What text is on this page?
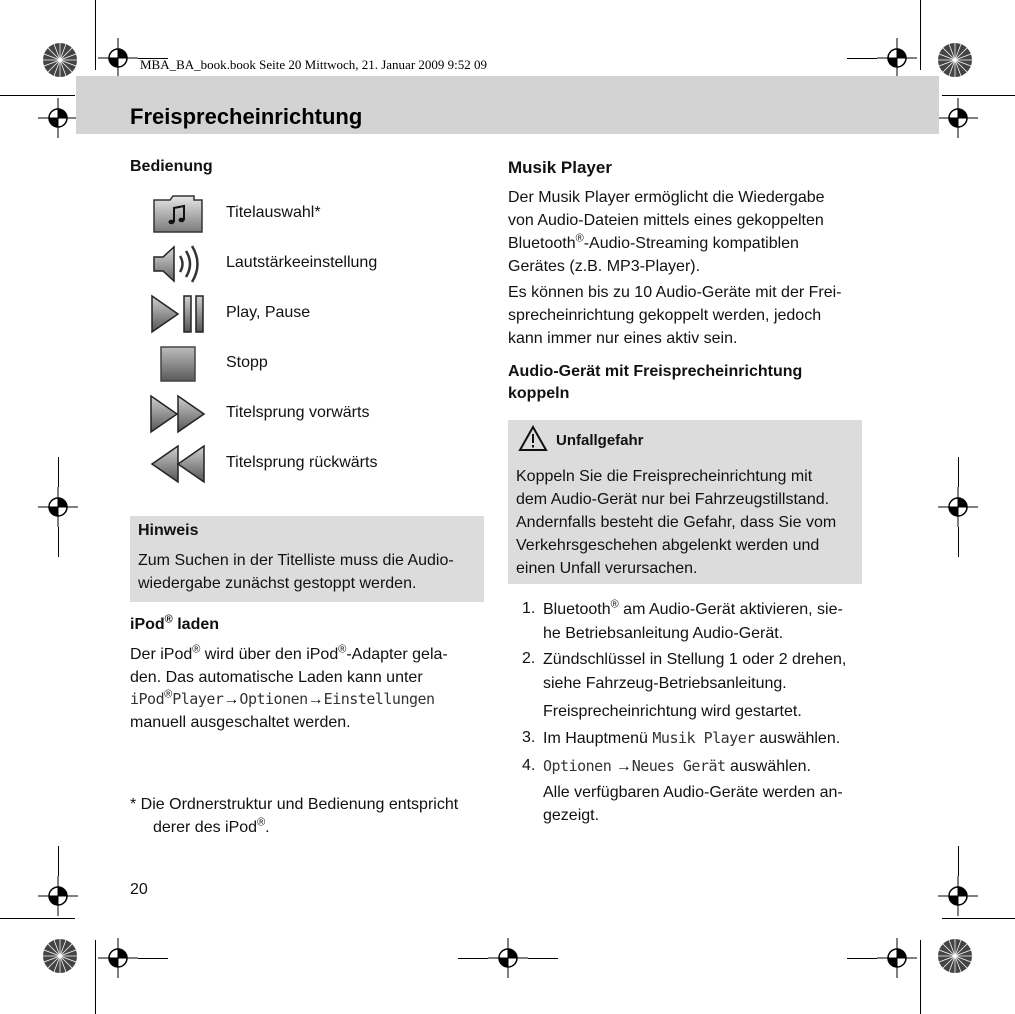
MBA_BA_book.book Seite 20 Mittwoch, 21. Januar 2009 9:52 09
Freisprecheinrichtung
Bedienung
Titelauswahl*
Lautstärkeeinstellung
Play, Pause
Stopp
Titelsprung vorwärts
Titelsprung rückwärts
Hinweis
Zum Suchen in der Titelliste muss die Audio-
wiedergabe zunächst gestoppt werden.
iPod® laden
Der iPod® wird über den iPod®-Adapter gela-
den. Das automatische Laden kann unter
iPod®Player→Optionen→Einstellungen
manuell ausgeschaltet werden.
* Die Ordnerstruktur und Bedienung entspricht
derer des iPod®.
20
Musik Player
Der Musik Player ermöglicht die Wiedergabe
von Audio-Dateien mittels eines gekoppelten
Bluetooth®-Audio-Streaming kompatiblen
Gerätes (z.B. MP3-Player).
Es können bis zu 10 Audio-Geräte mit der Frei-
sprecheinrichtung gekoppelt werden, jedoch
kann immer nur eines aktiv sein.
Audio-Gerät mit Freisprecheinrichtung
koppeln
Unfallgefahr
Koppeln Sie die Freisprecheinrichtung mit
dem Audio-Gerät nur bei Fahrzeugstillstand.
Andernfalls besteht die Gefahr, dass Sie vom
Verkehrsgeschehen abgelenkt werden und
einen Unfall verursachen.
1. Bluetooth® am Audio-Gerät aktivieren, sie-
he Betriebsanleitung Audio-Gerät.
2. Zündschlüssel in Stellung 1 oder 2 drehen,
siehe Fahrzeug-Betriebsanleitung.
Freisprecheinrichtung wird gestartet.
3. Im Hauptmenü Musik Player auswählen.
4. Optionen →Neues Gerät auswählen.
Alle verfügbaren Audio-Geräte werden an-
gezeigt.
